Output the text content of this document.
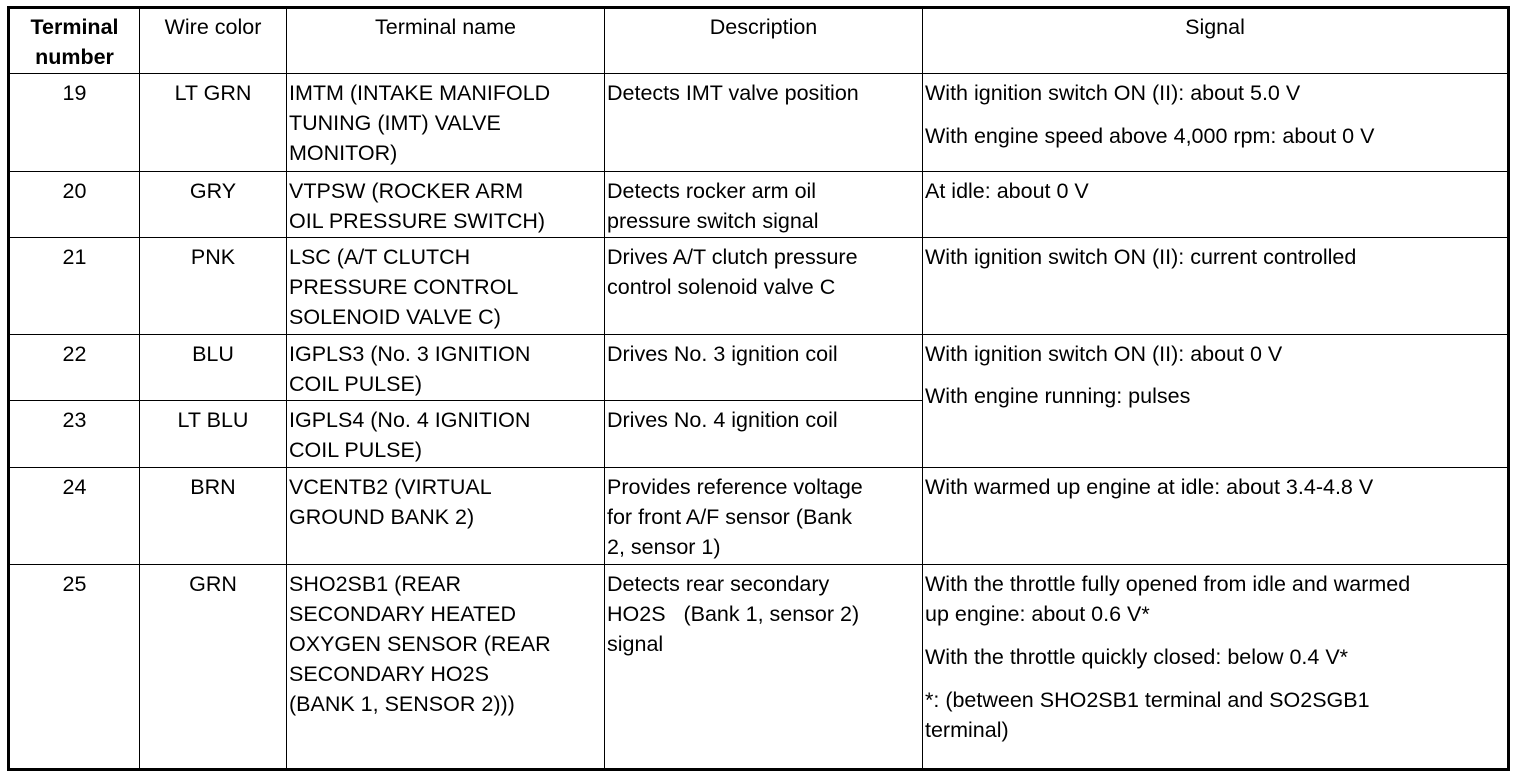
Terminal
number	Wire color	Terminal name	Description	Signal
19	LT GRN	IMTM (INTAKE MANIFOLD
TUNING (IMT) VALVE
MONITOR)	Detects IMT valve position	With ignition switch ON (II): about 5.0 V
With engine speed above 4,000 rpm: about 0 V

20	GRY	VTPSW (ROCKER ARM
OIL PRESSURE SWITCH)	Detects rocker arm oil
pressure switch signal	At idle: about 0 V

21	PNK	LSC (A/T CLUTCH
PRESSURE CONTROL
SOLENOID VALVE C)	Drives A/T clutch pressure
control solenoid valve C	With ignition switch ON (II): current controlled

22	BLU	IGPLS3 (No. 3 IGNITION
COIL PULSE)	Drives No. 3 ignition coil	With ignition switch ON (II): about 0 V
With engine running: pulses

23	LT BLU	IGPLS4 (No. 4 IGNITION
COIL PULSE)	Drives No. 4 ignition coil	

24	BRN	VCENTB2 (VIRTUAL
GROUND BANK 2)	Provides reference voltage
for front A/F sensor (Bank
2, sensor 1)	With warmed up engine at idle: about 3.4-4.8 V

25	GRN	SHO2SB1 (REAR
SECONDARY HEATED
OXYGEN SENSOR (REAR
SECONDARY HO2S
(BANK 1, SENSOR 2)))	Detects rear secondary
HO2S   (Bank 1, sensor 2)
signal	With the throttle fully opened from idle and warmed
up engine: about 0.6 V*
With the throttle quickly closed: below 0.4 V*
*: (between SHO2SB1 terminal and SO2SGB1
terminal)
